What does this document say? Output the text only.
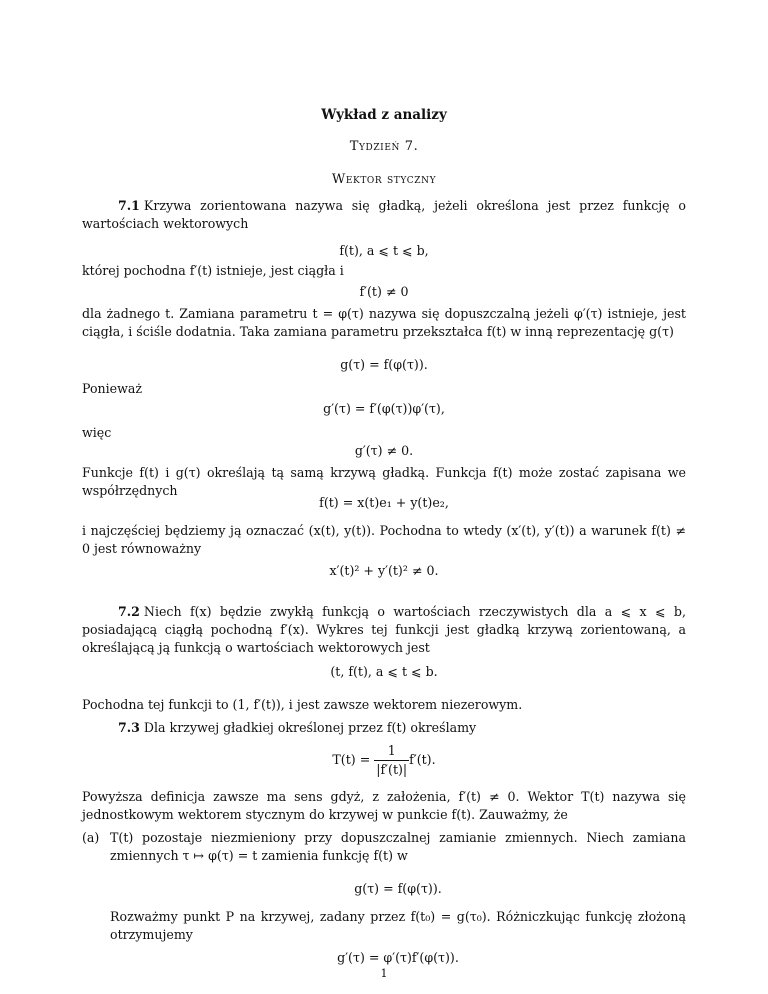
Wykład z analizy
Tydzień 7.
Wektor styczny
7.1 Krzywa zorientowana nazywa się gładką, jeżeli określona jest przez funkcję o wartościach wektorowych
f(t), a ⩽ t ⩽ b,
której pochodna f′(t) istnieje, jest ciągła i
f′(t) ≠ 0
dla żadnego t. Zamiana parametru t = φ(τ) nazywa się dopuszczalną jeżeli φ′(τ) istnieje, jest ciągła, i ściśle dodatnia. Taka zamiana parametru przekształca f(t) w inną reprezentację g(τ)
g(τ) = f(φ(τ)).
Ponieważ
g′(τ) = f′(φ(τ))φ′(τ),
więc
g′(τ) ≠ 0.
Funkcje f(t) i g(τ) określają tą samą krzywą gładką. Funkcja f(t) może zostać zapisana we współrzędnych
f(t) = x(t)e₁ + y(t)e₂,
i najczęściej będziemy ją oznaczać (x(t), y(t)). Pochodna to wtedy (x′(t), y′(t)) a warunek f(t) ≠ 0 jest równoważny
x′(t)² + y′(t)² ≠ 0.
7.2 Niech f(x) będzie zwykłą funkcją o wartościach rzeczywistych dla a ⩽ x ⩽ b, posiadającą ciągłą pochodną f′(x). Wykres tej funkcji jest gładką krzywą zorientowaną, a określającą ją funkcją o wartościach wektorowych jest
(t, f(t), a ⩽ t ⩽ b.
Pochodna tej funkcji to (1, f′(t)), i jest zawsze wektorem niezerowym.
7.3 Dla krzywej gładkiej określonej przez f(t) określamy
$T(t) = \frac{1}{|f'(t)|} f'(t)$.
Powyższa definicja zawsze ma sens gdyż, z założenia, f′(t) ≠ 0. Wektor T(t) nazywa się jednostkowym wektorem stycznym do krzywej w punkcie f(t). Zauważmy, że
(a) T(t) pozostaje niezmieniony przy dopuszczalnej zamianie zmiennych. Niech zamiana zmiennych τ ↦ φ(τ) = t zamienia funkcję f(t) w
g(τ) = f(φ(τ)).
Rozważmy punkt P na krzywej, zadany przez f(t₀) = g(τ₀). Różniczkując funkcję złożoną otrzymujemy
g′(τ) = φ′(τ)f′(φ(τ)).
1
